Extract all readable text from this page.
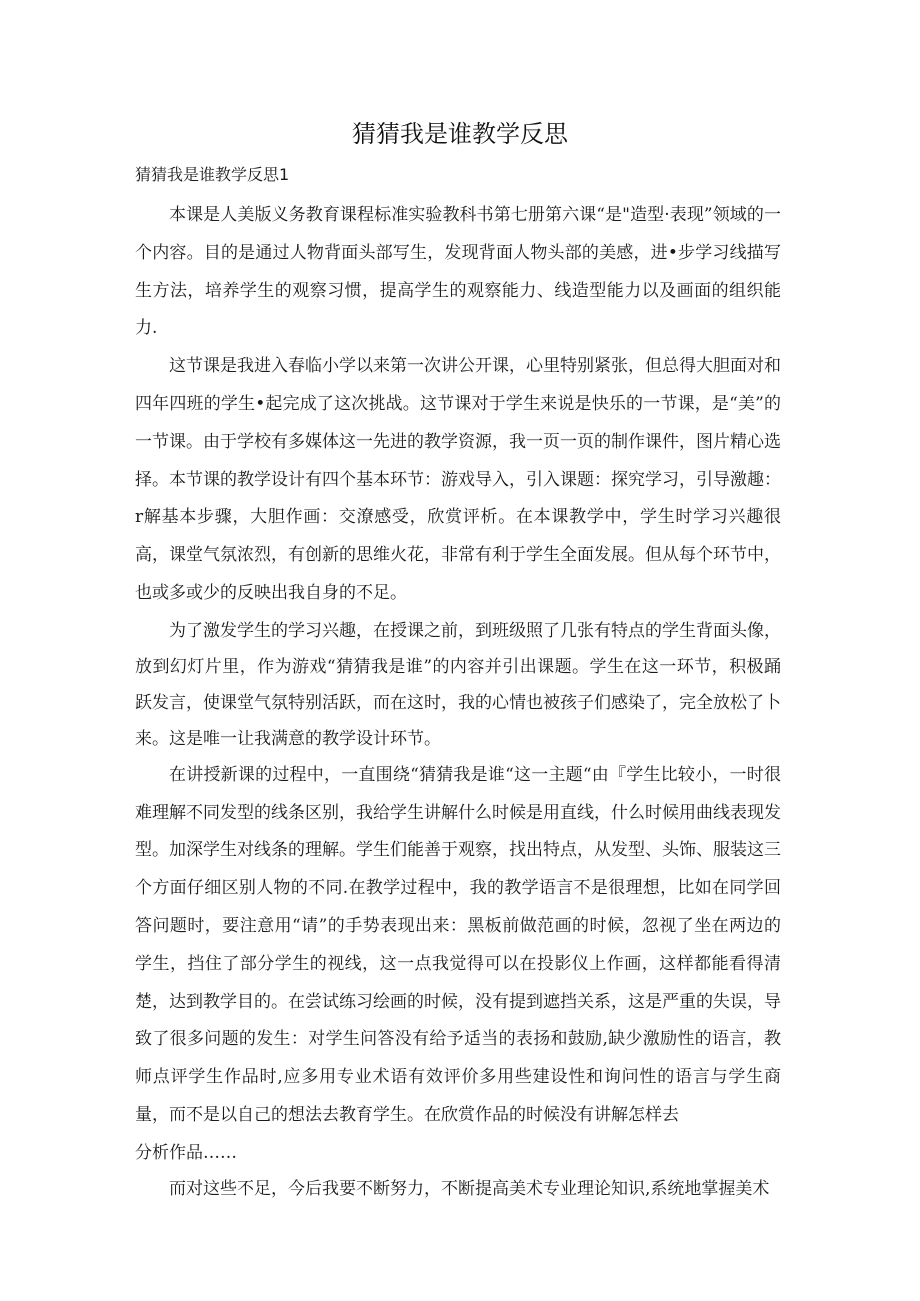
猜猜我是谁教学反思

猜猜我是谁教学反思1

本课是人美版义务教育课程标准实验教科书第七册第六课“是"造型·表现”领域的一个内容。目的是通过人物背面头部写生，发现背面人物头部的美感，进•步学习线描写生方法，培养学生的观察习惯，提高学生的观察能力、线造型能力以及画面的组织能力.

这节课是我进入春临小学以来第一次讲公开课，心里特别紧张，但总得大胆面对和四年四班的学生•起完成了这次挑战。这节课对于学生来说是快乐的一节课，是“美”的一节课。由于学校有多媒体这一先进的教学资源，我一页一页的制作课件，图片精心选择。本节课的教学设计有四个基本环节：游戏导入，引入课题：探究学习，引导激趣：r解基本步骤，大胆作画：交潦感受，欣赏评析。在本课教学中，学生时学习兴趣很高，课堂气氛浓烈，有创新的思维火花，非常有利于学生全面发展。但从每个环节中，也或多或少的反映出我自身的不足。

为了激发学生的学习兴趣，在授课之前，到班级照了几张有特点的学生背面头像，放到幻灯片里，作为游戏“猜猜我是谁”的内容并引出课题。学生在这一环节，积极踊跃发言，使课堂气氛特别活跃，而在这时，我的心情也被孩子们感染了，完全放松了卜来。这是唯一让我满意的教学设计环节。

在讲授新课的过程中，一直围绕“猜猜我是谁“这一主题“由『学生比较小，一时很难理解不同发型的线条区别，我给学生讲解什么时候是用直线，什么时候用曲线表现发型。加深学生对线条的理解。学生们能善于观察，找出特点，从发型、头饰、服装这三个方面仔细区别人物的不同.在教学过程中，我的教学语言不是很理想，比如在同学回答问题时，要注意用“请”的手势表现出来：黑板前做范画的时候，忽视了坐在两边的学生，挡住了部分学生的视线，这一点我觉得可以在投影仪上作画，这样都能看得清楚，达到教学目的。在尝试练习绘画的时候，没有提到遮挡关系，这是严重的失误，导致了很多问题的发生：对学生问答没有给予适当的表扬和鼓励,缺少激励性的语言，教师点评学生作品时,应多用专业术语有效评价多用些建设性和询问性的语言与学生商量，而不是以自己的想法去教育学生。在欣赏作品的时候没有讲解怎样去

分析作品……

而对这些不足，今后我要不断努力，不断提高美术专业理论知识,系统地掌握美术
